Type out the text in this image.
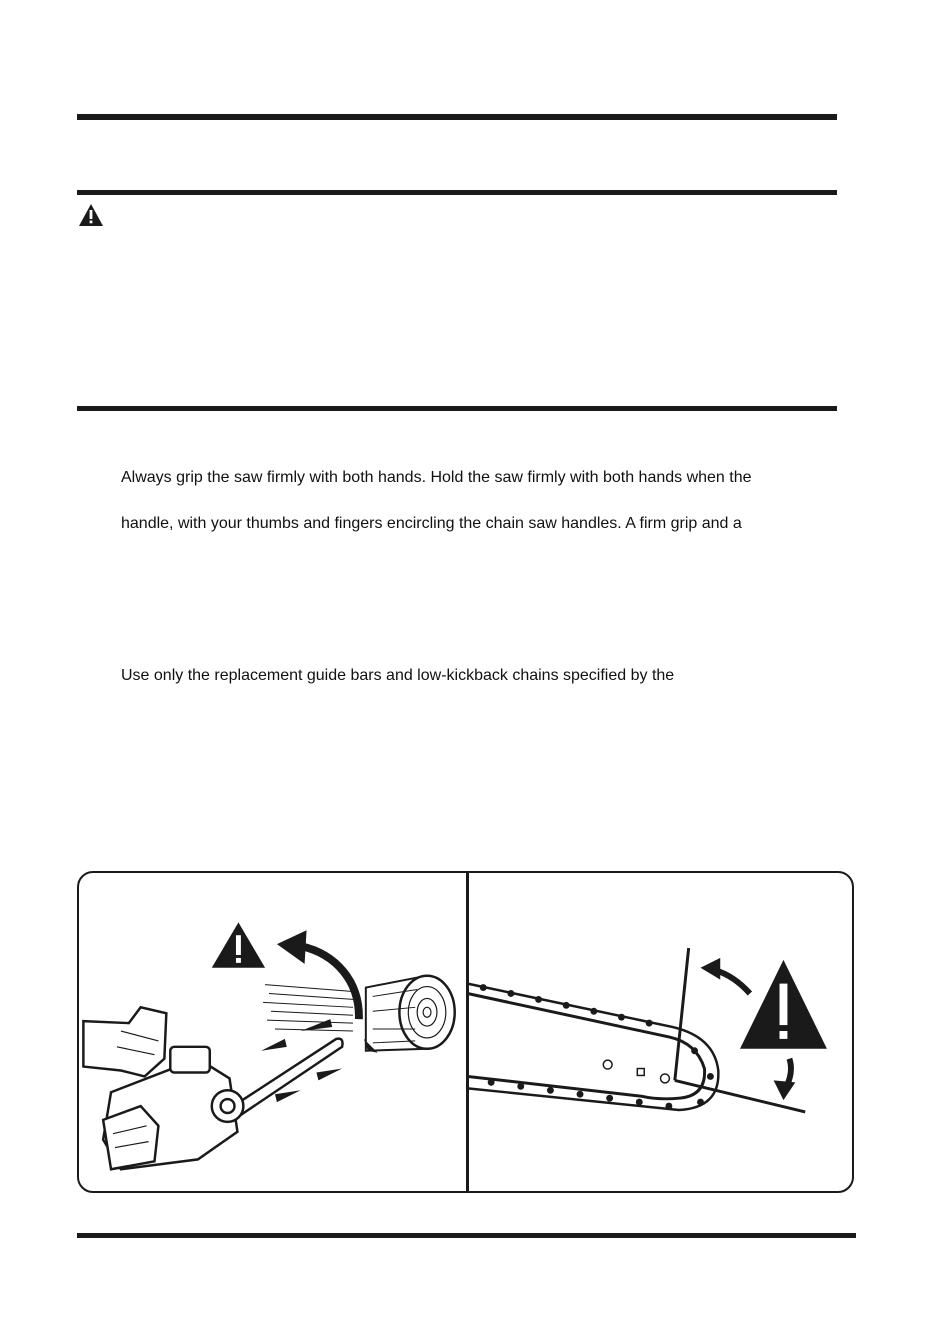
Always grip the saw firmly with both hands. Hold the saw firmly with both hands when the
handle, with your thumbs and fingers encircling the chain saw handles. A firm grip and a
Use only the replacement guide bars and low-kickback chains specified by the
